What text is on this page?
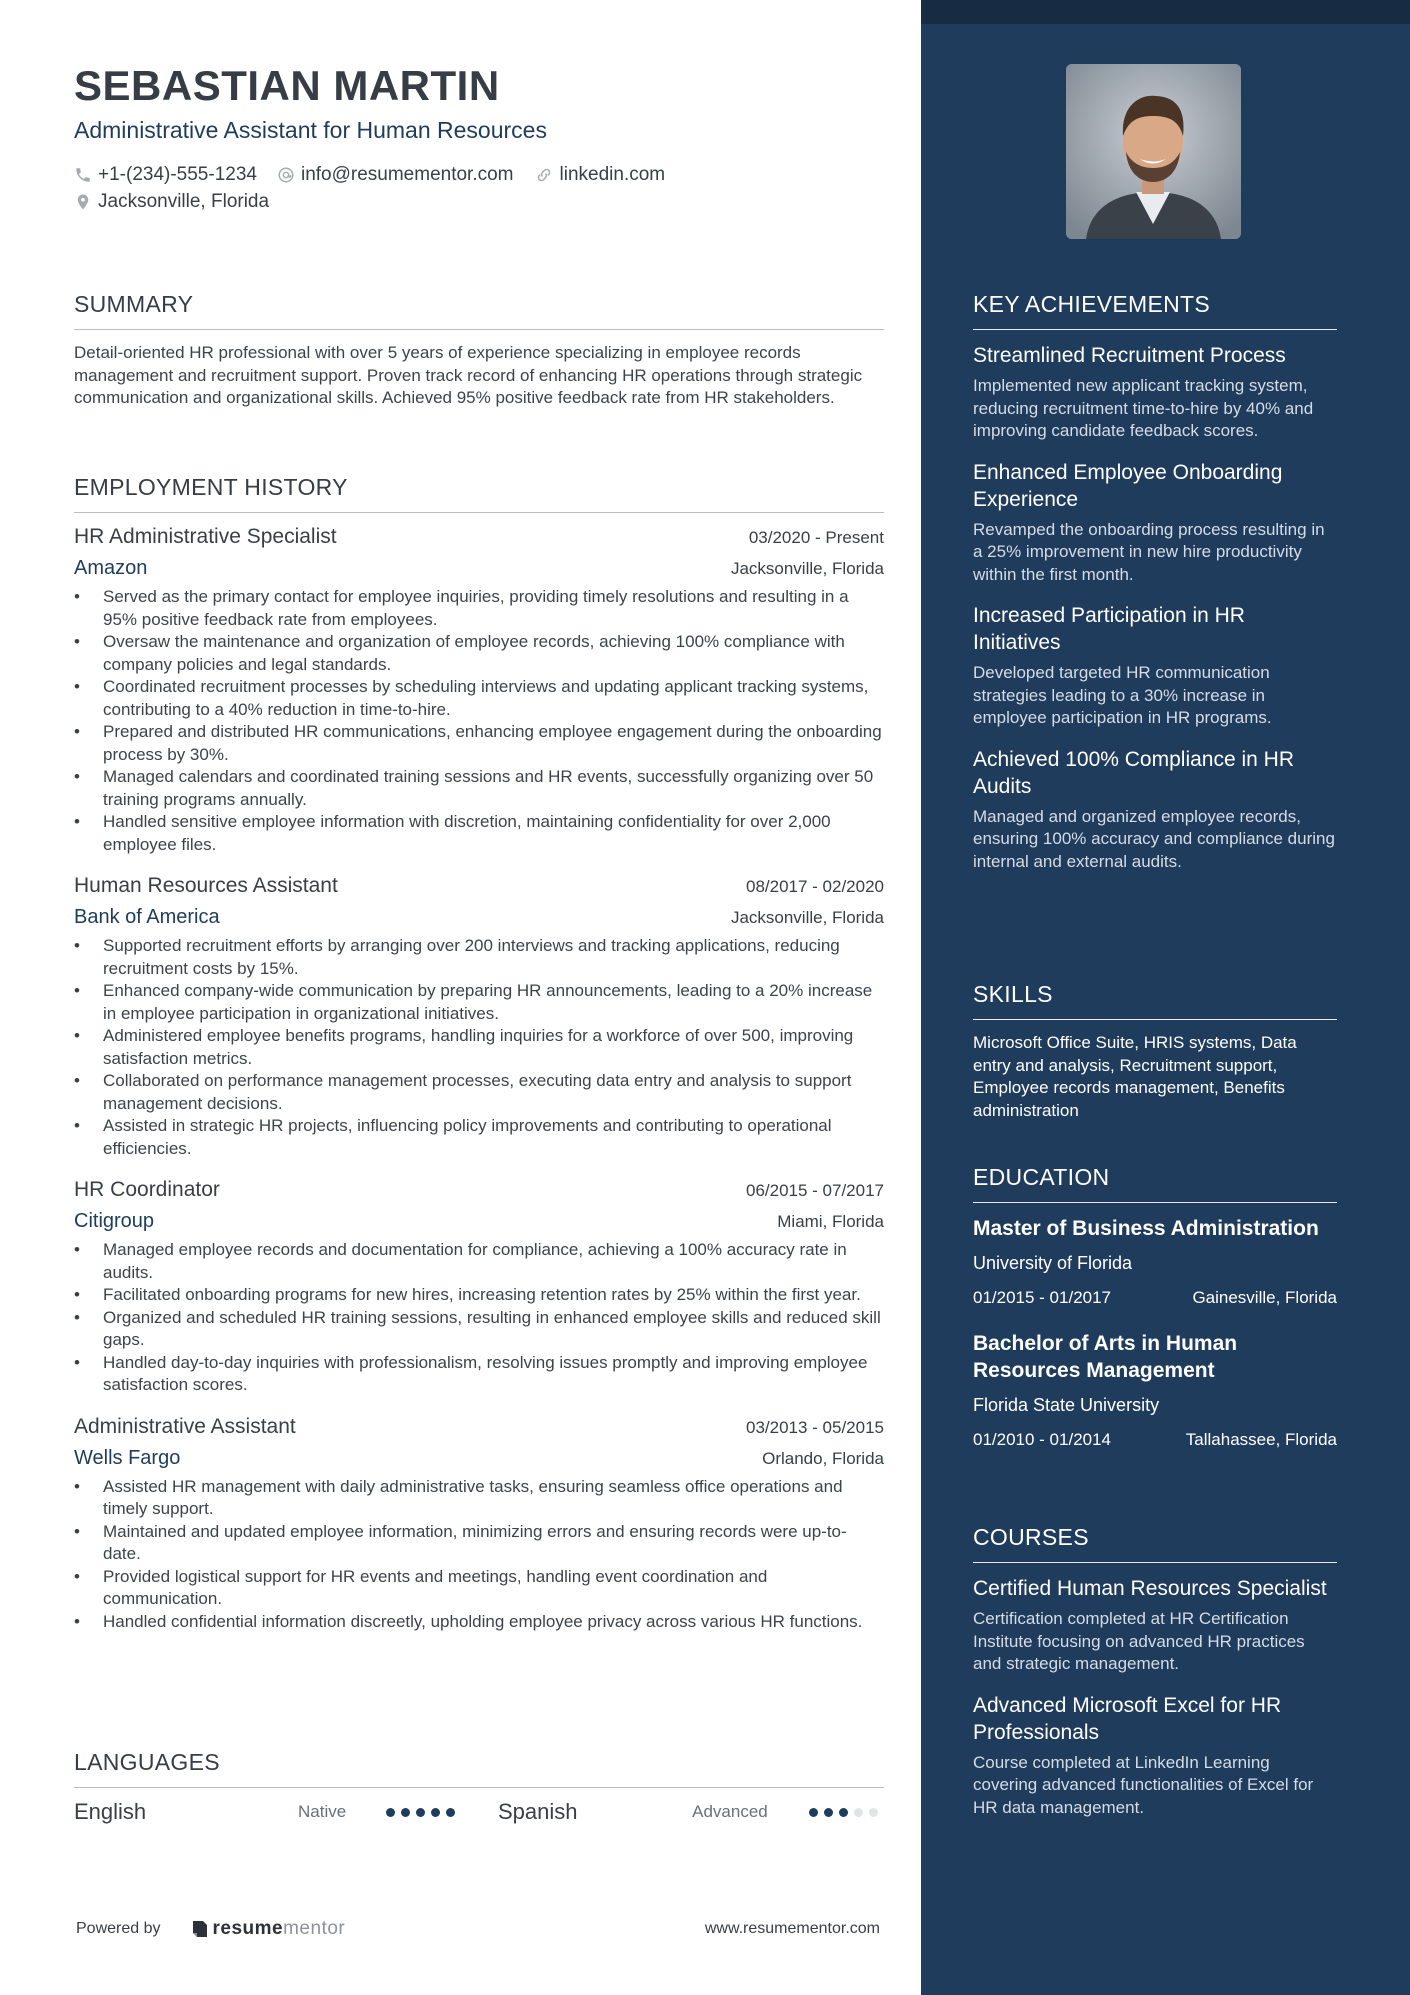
SEBASTIAN MARTIN
Administrative Assistant for Human Resources
+1-(234)-555-1234 info@resumementor.com linkedin.com
Jacksonville, Florida
SUMMARY

Detail-oriented HR professional with over 5 years of experience specializing in employee records management and recruitment support. Proven track record of enhancing HR operations through strategic communication and organizational skills. Achieved 95% positive feedback rate from HR stakeholders.

EMPLOYMENT HISTORY
HR Administrative Specialist	03/2020 - Present
Amazon	Jacksonville, Florida
• Served as the primary contact for employee inquiries, providing timely resolutions and resulting in a 95% positive feedback rate from employees.
• Oversaw the maintenance and organization of employee records, achieving 100% compliance with company policies and legal standards.
• Coordinated recruitment processes by scheduling interviews and updating applicant tracking systems, contributing to a 40% reduction in time-to-hire.
• Prepared and distributed HR communications, enhancing employee engagement during the onboarding process by 30%.
• Managed calendars and coordinated training sessions and HR events, successfully organizing over 50 training programs annually.
• Handled sensitive employee information with discretion, maintaining confidentiality for over 2,000 employee files.
Human Resources Assistant	08/2017 - 02/2020
Bank of America	Jacksonville, Florida
• Supported recruitment efforts by arranging over 200 interviews and tracking applications, reducing recruitment costs by 15%.
• Enhanced company-wide communication by preparing HR announcements, leading to a 20% increase in employee participation in organizational initiatives.
• Administered employee benefits programs, handling inquiries for a workforce of over 500, improving satisfaction metrics.
• Collaborated on performance management processes, executing data entry and analysis to support management decisions.
• Assisted in strategic HR projects, influencing policy improvements and contributing to operational efficiencies.
HR Coordinator	06/2015 - 07/2017
Citigroup	Miami, Florida
• Managed employee records and documentation for compliance, achieving a 100% accuracy rate in audits.
• Facilitated onboarding programs for new hires, increasing retention rates by 25% within the first year.
• Organized and scheduled HR training sessions, resulting in enhanced employee skills and reduced skill gaps.
• Handled day-to-day inquiries with professionalism, resolving issues promptly and improving employee satisfaction scores.
Administrative Assistant	03/2013 - 05/2015
Wells Fargo	Orlando, Florida
• Assisted HR management with daily administrative tasks, ensuring seamless office operations and timely support.
• Maintained and updated employee information, minimizing errors and ensuring records were up-to-date.
• Provided logistical support for HR events and meetings, handling event coordination and communication.
• Handled confidential information discreetly, upholding employee privacy across various HR functions.
LANGUAGES
English	Native	Spanish	Advanced
Powered by	resume mentor	www.resumementor.com
KEY ACHIEVEMENTS
Streamlined Recruitment Process
Implemented new applicant tracking system, reducing recruitment time-to-hire by 40% and improving candidate feedback scores.
Enhanced Employee Onboarding Experience
Revamped the onboarding process resulting in a 25% improvement in new hire productivity within the first month.
Increased Participation in HR Initiatives
Developed targeted HR communication strategies leading to a 30% increase in employee participation in HR programs.
Achieved 100% Compliance in HR Audits
Managed and organized employee records, ensuring 100% accuracy and compliance during internal and external audits.
SKILLS
Microsoft Office Suite, HRIS systems, Data entry and analysis, Recruitment support, Employee records management, Benefits administration
EDUCATION
Master of Business Administration
University of Florida
01/2015 - 01/2017	Gainesville, Florida
Bachelor of Arts in Human Resources Management
Florida State University
01/2010 - 01/2014	Tallahassee, Florida
COURSES
Certified Human Resources Specialist
Certification completed at HR Certification Institute focusing on advanced HR practices and strategic management.
Advanced Microsoft Excel for HR Professionals
Course completed at LinkedIn Learning covering advanced functionalities of Excel for HR data management.
